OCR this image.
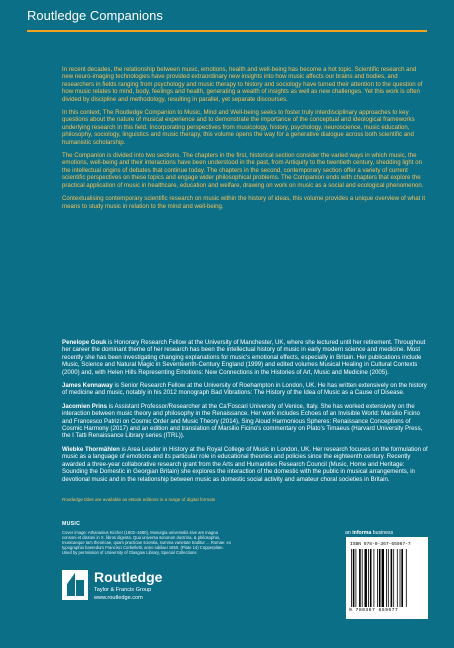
Routledge Companions

In recent decades, the relationship between music, emotions, health and well-being has become a hot topic. Scientific research and new neuro-imaging technologies have provided extraordinary new insights into how music affects our brains and bodies, and researchers in fields ranging from psychology and music therapy to history and sociology have turned their attention to the question of how music relates to mind, body, feelings and health, generating a wealth of insights as well as new challenges. Yet this work is often divided by discipline and methodology, resulting in parallel, yet separate discourses.

In this context, The Routledge Companion to Music, Mind and Well-being seeks to foster truly interdisciplinary approaches to key questions about the nature of musical experience and to demonstrate the importance of the conceptual and ideological frameworks underlying research in this field. Incorporating perspectives from musicology, history, psychology, neuroscience, music education, philosophy, sociology, linguistics and music therapy, this volume opens the way for a generative dialogue across both scientific and humanistic scholarship.

The Companion is divided into two sections. The chapters in the first, historical section consider the varied ways in which music, the emotions, well-being and their interactions have been understood in the past, from Antiquity to the twentieth century, shedding light on the intellectual origins of debates that continue today. The chapters in the second, contemporary section offer a variety of current scientific perspectives on these topics and engage wider philosophical problems. The Companion ends with chapters that explore the practical application of music in healthcare, education and welfare, drawing on work on music as a social and ecological phenomenon.

Contextualising contemporary scientific research on music within the history of ideas, this volume provides a unique overview of what it means to study music in relation to the mind and well-being.

Penelope Gouk is Honorary Research Fellow at the University of Manchester, UK, where she lectured until her retirement. Throughout her career the dominant theme of her research has been the intellectual history of music in early modern science and medicine. Most recently she has been investigating changing explanations for music's emotional effects, especially in Britain. Her publications include Music, Science and Natural Magic in Seventeenth-Century England (1999) and edited volumes Musical Healing in Cultural Contexts (2000) and, with Helen Hills Representing Emotions: New Connections in the Histories of Art, Music and Medicine (2005).

James Kennaway is Senior Research Fellow at the University of Roehampton in London, UK. He has written extensively on the history of medicine and music, notably in his 2012 monograph Bad Vibrations: The History of the Idea of Music as a Cause of Disease.

Jacomien Prins is Assistant Professor/Researcher at the Ca'Foscari University of Venice, Italy. She has worked extensively on the interaction between music theory and philosophy in the Renaissance. Her work includes Echoes of an Invisible World: Marsilio Ficino and Francesco Patrizi on Cosmic Order and Music Theory (2014), Sing Aloud Harmonious Spheres: Renaissance Conceptions of Cosmic Harmony (2017) and an edition and translation of Marsilio Ficino's commentary on Plato's Timaeus (Harvard University Press, the I Tatti Renaissance Library series (ITRL)).

Wiebke Thormählen is Area Leader in History at the Royal College of Music in London, UK. Her research focuses on the formulation of music as a language of emotions and its particular role in educational theories and policies since the eighteenth century. Recently awarded a three-year collaborative research grant from the Arts and Humanities Research Council (Music, Home and Heritage: Sounding the Domestic in Georgian Britain) she explores the interaction of the domestic with the public in musical arrangements, in devotional music and in the relationship between music as domestic social activity and amateur choral societies in Britain.

Routledge titles are available as eBook editions in a range of digital formats
MUSIC
Cover image: Athanasius Kircher (1602–1680), Musurgia universalis sive ars magna consoni et dissoni in X. libros digesta. Qua universa sonorum doctrina, & philosophia, musicaeque tam theoricae, quam practicae scientia, summa varietate traditur ... Romae: ex typographia haeredum Francisci Corbelletti, anno iubilaei 1650. (Plate 14) Copperplate. Used by permission of University of Glasgow Library, Special Collections
Routledge
Taylor & Francis Group
www.routledge.com
an informa business
ISBN 978-0-367-65967-7
9 780367 659677
